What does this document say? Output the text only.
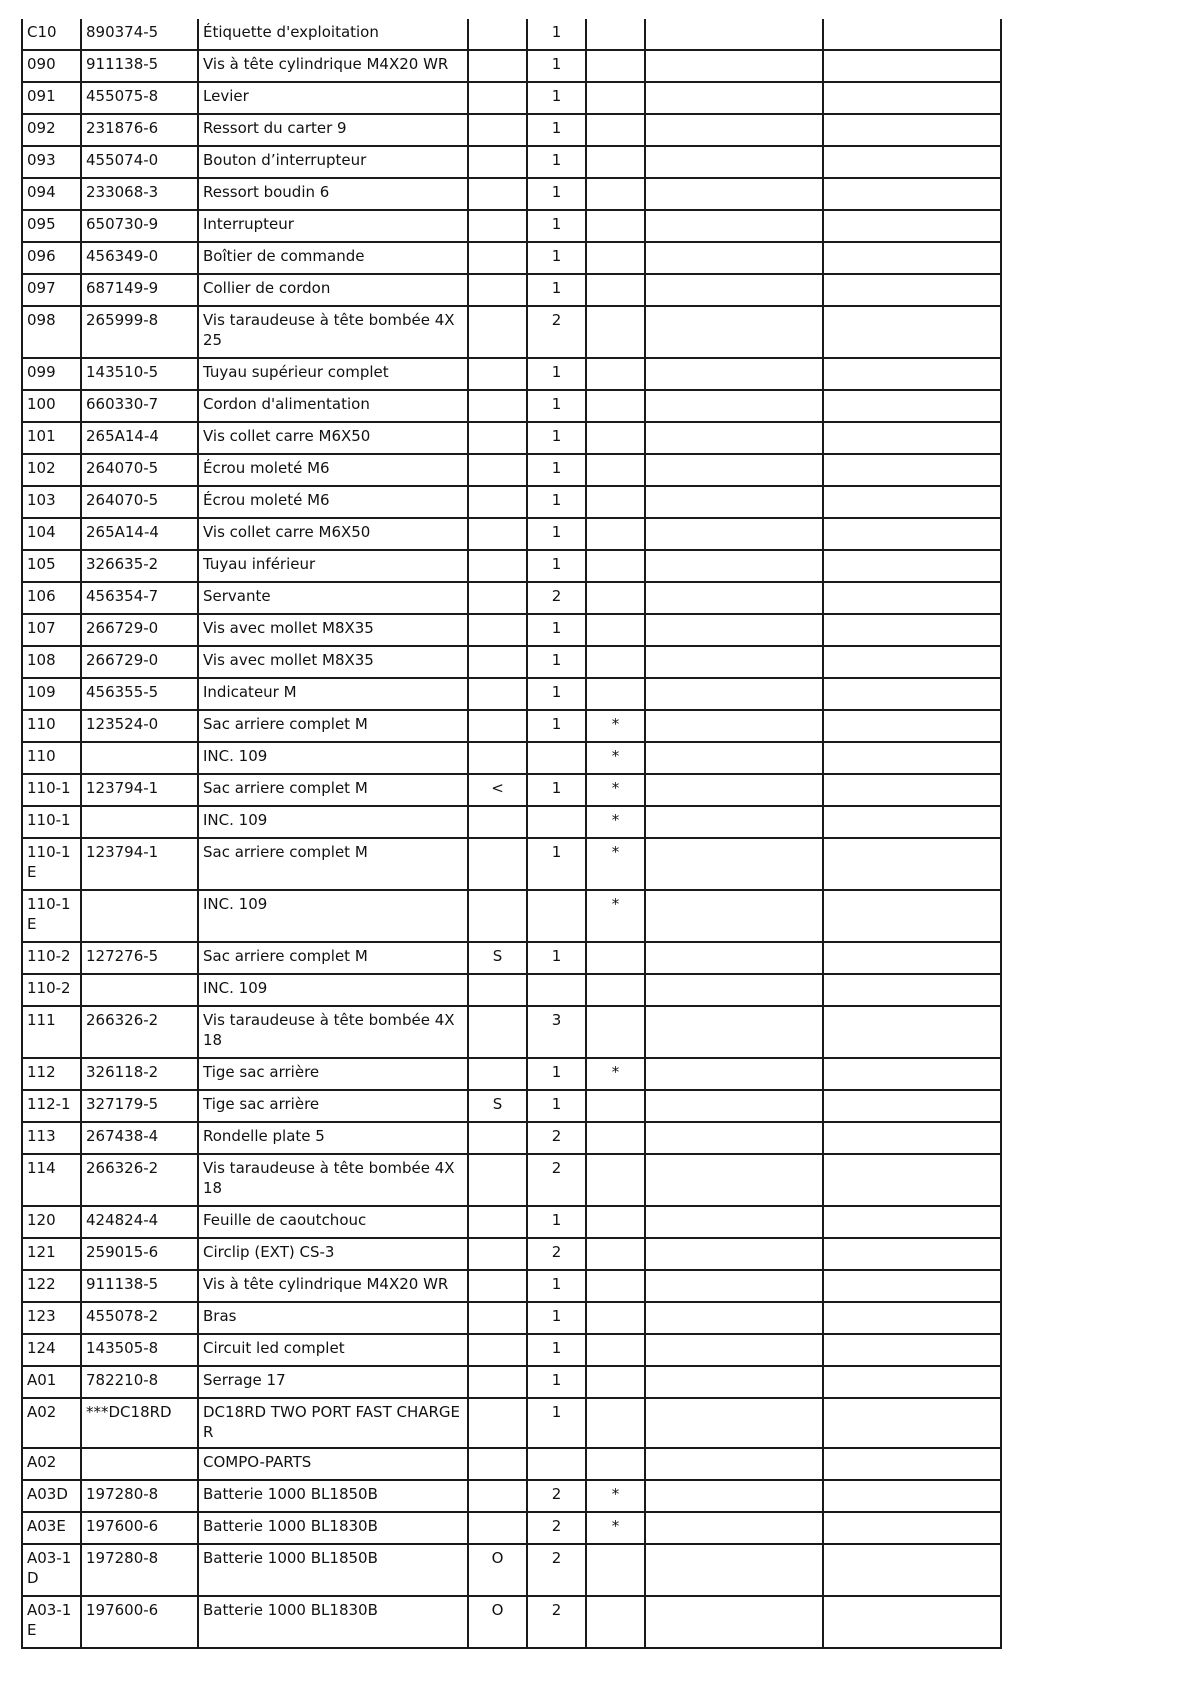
C10	890374-5	Étiquette d'exploitation		1			
090	911138-5	Vis à tête cylindrique M4X20 WR		1			
091	455075-8	Levier		1			
092	231876-6	Ressort du carter 9		1			
093	455074-0	Bouton d’interrupteur		1			
094	233068-3	Ressort boudin 6		1			
095	650730-9	Interrupteur		1			
096	456349-0	Boîtier de commande		1			
097	687149-9	Collier de cordon		1			
098	265999-8	Vis taraudeuse à tête bombée 4X 25		2			
099	143510-5	Tuyau supérieur complet		1			
100	660330-7	Cordon d'alimentation		1			
101	265A14-4	Vis collet carre M6X50		1			
102	264070-5	Écrou moleté M6		1			
103	264070-5	Écrou moleté M6		1			
104	265A14-4	Vis collet carre M6X50		1			
105	326635-2	Tuyau inférieur		1			
106	456354-7	Servante		2			
107	266729-0	Vis avec mollet M8X35		1			
108	266729-0	Vis avec mollet M8X35		1			
109	456355-5	Indicateur M		1			
110	123524-0	Sac arriere complet M		1	*		
110		INC. 109			*		
110-1	123794-1	Sac arriere complet M	<	1	*		
110-1		INC. 109			*		
110-1E	123794-1	Sac arriere complet M		1	*		
110-1E		INC. 109			*		
110-2	127276-5	Sac arriere complet M	S	1			
110-2		INC. 109					
111	266326-2	Vis taraudeuse à tête bombée 4X 18		3			
112	326118-2	Tige sac arrière		1	*		
112-1	327179-5	Tige sac arrière	S	1			
113	267438-4	Rondelle plate 5		2			
114	266326-2	Vis taraudeuse à tête bombée 4X 18		2			
120	424824-4	Feuille de caoutchouc		1			
121	259015-6	Circlip (EXT) CS-3		2			
122	911138-5	Vis à tête cylindrique M4X20 WR		1			
123	455078-2	Bras		1			
124	143505-8	Circuit led complet		1			
A01	782210-8	Serrage 17		1			
A02	***DC18RD	DC18RD TWO PORT FAST CHARGER		1			
A02		COMPO-PARTS					
A03D	197280-8	Batterie 1000 BL1850B		2	*		
A03E	197600-6	Batterie 1000 BL1830B		2	*		
A03-1D	197280-8	Batterie 1000 BL1850B	O	2			
A03-1E	197600-6	Batterie 1000 BL1830B	O	2			
